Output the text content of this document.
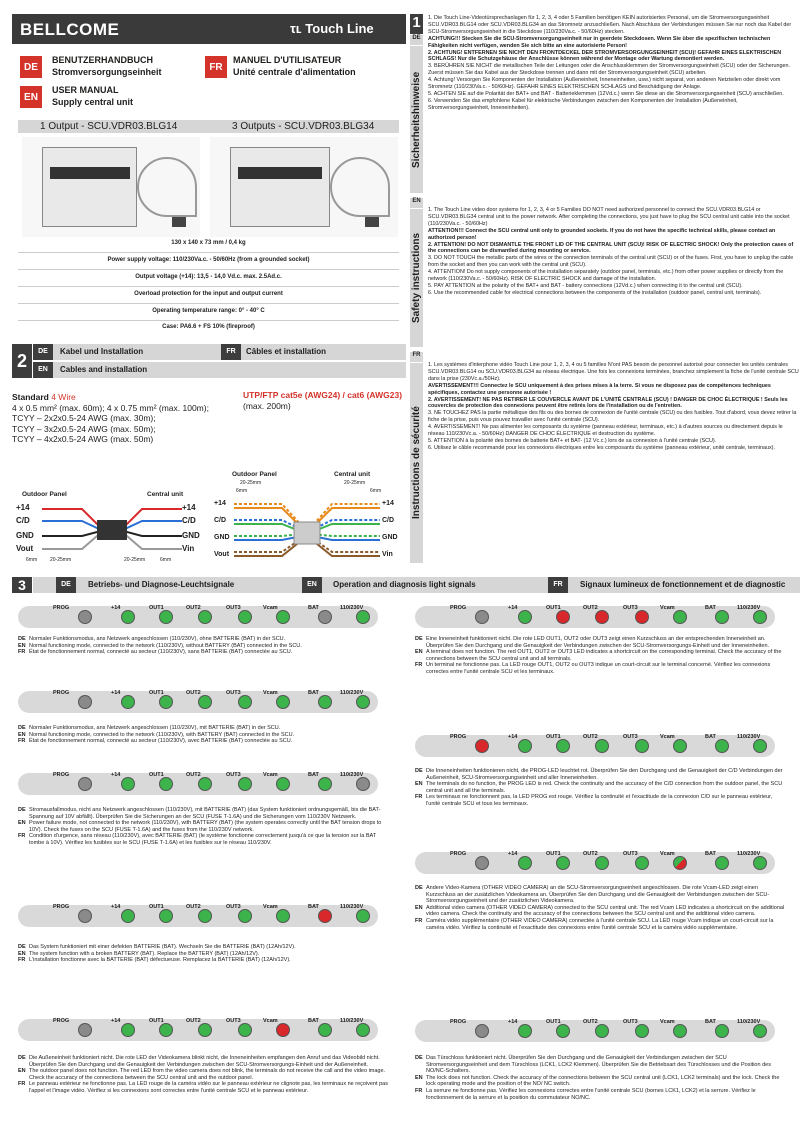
BELLCOME	τʟ Touch Line
DE
BENUTZERHANDBUCH
Stromversorgungseinheit
EN
USER MANUAL
Supply central unit
FR
MANUEL D'UTILISATEUR
Unité centrale d'alimentation
1 Output - SCU.VDR03.BLG14	3 Outputs - SCU.VDR03.BLG34
130 x 140 x 73 mm / 0,4 kg
Power supply voltage: 110/230Va.c. - 50/60Hz (from a grounded socket)
Output voltage (+14): 13,5 - 14,0 Vd.c. max. 2.5Ad.c.
Overload protection for the input and output current
Operating temperature range: 0° - 40° C
Case: PA6.6 + FS 10% (fireproof)
1
DE
Sicherheitshinweise
1. Die Touch Line-Videotürsprechanlagen für 1, 2, 3, 4 oder 5 Familien benötigen KEIN autorisiertes Personal, um die Stromversorgungseinheit SCU.VDR03.BLG14 oder SCU.VDR03.BLG34 an das Stromnetz anzuschließen. Nach Abschluss der Verbindungen müssen Sie nur noch das Kabel der SCU-Stromversorgungseinheit in die Steckdose (110/230Va.c. - 50/60Hz) stecken.
ACHTUNG!!! Stecken Sie die SCU-Stromversorgungseinheit nur in geerdete Steckdosen. Wenn Sie über die spezifischen technischen Fähigkeiten nicht verfügen, wenden Sie sich bitte an eine autorisierte Person!
2. ACHTUNG! ENTFERNEN SIE NICHT DEN FRONTDECKEL DER STROMVERSORGUNGSEINHEIT (SCU)! GEFAHR EINES ELEKTRISCHEN SCHLAGS! Nur die Schutzgehäuse der Anschlüsse können während der Montage oder Wartung demontiert werden.
3. BERÜHREN SIE NICHT die metallischen Teile der Leitungen oder die Anschlussklemmen der Stromversorgungseinheit (SCU) oder der Sicherungen. Zuerst müssen Sie das Kabel aus der Steckdose trennen und dann mit der Stromversorgungseinheit (SCU) arbeiten.
4. Achtung! Versorgen Sie Komponenten der Installation (Außeneinheit, Inneneinheiten, usw.) nicht separat, von anderen Netzteilen oder direkt vom Stromnetz (110/230Va.c. - 50/60Hz). GEFAHR EINES ELEKTRISCHEN SCHLAGS und Beschädigung der Anlage.
5. ACHTEN SIE auf die Polarität der BAT+ und BAT - Batterieklemmen (12Vd.c.) wenn Sie diese an die Stromversorgungseinheit (SCU) anschließen.
6. Verwenden Sie das empfohlene Kabel für elektrische Verbindungen zwischen den Komponenten der Installation (Außeneinheit, Stromversorgungseinheit, Inneneinheiten).
EN
Safety instructions
1. The Touch Line video door systems for 1, 2, 3, 4 or 5 Families DO NOT need authorized personnel to connect the SCU.VDR03.BLG14 or SCU.VDR03.BLG34 central unit to the power network. After completing the connections, you just have to plug the SCU central unit cable into the socket (110/230Va.c. - 50/60Hz)
ATTENTION!!! Connect the SCU central unit only to grounded sockets. If you do not have the specific technical skills, please contact an authorized person!
2. ATTENTION! DO NOT DISMANTLE THE FRONT LID OF THE CENTRAL UNIT (SCU)! RISK OF ELECTRIC SHOCK! Only the protection cases of the connections can be dismantled during mounting or service.
3. DO NOT TOUCH the metallic parts of the wires or the connection terminals of the central unit (SCU) or of the fuses. First, you have to unplug the cable from the socket and then you can work with the central unit (SCU).
4. ATTENTION! Do not supply components of the installation separately (outdoor panel, terminals, etc.) from other power supplies or directly from the network (110/230Va.c. - 50/60Hz). RISK OF ELECTRIC SHOCK and damage of the installation.
5. PAY ATTENTION at the polarity of the BAT+ and BAT - battery connections (12Vd.c.) when connecting it to the central unit (SCU).
6. Use the recommended cable for electrical connections between the components of the installation (outdoor panel, central unit, terminals).
FR
Instructions de sécurité
1. Les systèmes d'interphone vidéo Touch Line pour 1, 2, 3, 4 ou 5 familles N'ont PAS besoin de personnel autorisé pour connecter les unités centrales SCU.VDR03.BLG14 ou SCU.VDR03.BLG34 au réseau électrique. Une fois les connexions terminées, branchez simplement la fiche de l'unité centrale SCU dans la prise (230Vc.a./50Hz).
AVERTISSEMENT!!! Connectez le SCU uniquement à des prises mises à la terre. Si vous ne disposez pas de compétences techniques spécifiques, contactez une personne autorisée !
2. AVERTISSEMENT! NE PAS RETIRER LE COUVERCLE AVANT DE L'UNITÉ CENTRALE (SCU) ! DANGER DE CHOC ÉLECTRIQUE ! Seuls les couvercles de protection des connexions peuvent être retirés lors de l'installation ou de l'entretien.
3. NE TOUCHEZ PAS la partie métallique des fils ou des bornes de connexion de l'unité centrale (SCU) ou des fusibles. Tout d'abord, vous devez retirer la fiche de la prise, puis vous pouvez travailler avec l'unité centrale (SCU).
4. AVERTISSEMENT! Ne pas alimenter les composants du système (panneau extérieur, terminaux, etc.) à d'autres sources ou directement depuis le réseau 110/230Vc.a. - 50/60Hz) DANGER DE CHOC ÉLECTRIQUE et destruction du système.
5. ATTENTION à la polarité des bornes de batterie BAT+ et BAT- (12 Vc.c.) lors de sa connexion à l'unité centrale (SCU).
6. Utilisez le câble recommandé pour les connexions électriques entre les composants du système (panneau extérieur, unité centrale, terminaux).
2	DE	Kabel und Installation	FR	Câbles et installation
EN	Cables and installation
Standard 4 Wire
4 x 0.5 mm² (max. 60m); 4 x 0.75 mm² (max. 100m);
TCYY – 2x2x0.5-24 AWG (max. 30m);
TCYY – 3x2x0.5-24 AWG (max. 50m);
TCYY – 4x2x0.5-24 AWG (max. 50m)
UTP/FTP cat5e (AWG24) / cat6 (AWG23)
(max. 200m)
Outdoor Panel	Central unit
+14
C/D
GND
Vout
+14
C/D
GND
Vin
6mm	20-25mm	20-25mm	6mm
Outdoor Panel	Central unit
20-25mm	20-25mm
6mm	6mm
+14
C/D
GND
Vout
+14
C/D
GND
Vin
3	DE	Betriebs- und Diagnose-Leuchtsignale	EN	Operation and diagnosis light signals	FR	Signaux lumineux de fonctionnement et de diagnostic
PROG	+14	OUT1	OUT2	OUT3	Vcam	BAT	110/230V
DE Normaler Funktionsmodus, ans Netzwerk angeschlossen (110/230V), ohne BATTERIE (BAT) in der SCU.
EN Normal functioning mode, connected to the network (110/230V), without BATTERY (BAT) connected in the SCU.
FR État de fonctionnement normal, connecté au secteur (110/230V), sans BATTERIE (BAT) connectée au SCU.
PROG	+14	OUT1	OUT2	OUT3	Vcam	BAT	110/230V
DE Normaler Funktionsmodus, ans Netzwerk angeschlossen (110/230V), mit BATTERIE (BAT) in der SCU.
EN Normal functioning mode, connected to the network (110/230V), with BATTERY (BAT) connected in the SCU.
FR État de fonctionnement normal, connecté au secteur (110/230V), avec BATTERIE (BAT) connectée au SCU.
PROG	+14	OUT1	OUT2	OUT3	Vcam	BAT	110/230V
DE Stromausfallmodus, nicht ans Netzwerk angeschlossen (110/230V), mit BATTERIE (BAT) (das System funktioniert ordnungsgemäß, bis die BAT-Spannung auf 10V abfällt). Überprüfen Sie die Sicherungen an der SCU (FUSE T-1.6A) und die Sicherungen vom 110/230V Netzwerk.
EN Power failure mode, not connected to the network (110/230V), with BATTERY (BAT) (the system operates correctly until the BAT tension drops to 10V). Check the fuses on the SCU (FUSE T-1.6A) and the fuses from the 110/230V network.
FR Condition d'urgence, sans réseau (110/230V), avec BATTERIE (BAT) (le système fonctionne correctement jusqu'à ce que la tension sur la BAT tombe à 10V). Vérifiez les fusibles sur le SCU (FUSE T-1.6A) et les fusibles sur le réseau 110/230V.
PROG	+14	OUT1	OUT2	OUT3	Vcam	BAT	110/230V
DE Das System funktioniert mit einer defekten BATTERIE (BAT). Wechseln Sie die BATTERIE (BAT) (12Ah/12V).
EN The system function with a broken BATTERY (BAT). Replace the BATTERY (BAT) (12Ah/12V).
FR L'installation fonctionne avec la BATTERIE (BAT) défectueuse. Remplacez la BATTERIE (BAT) (12Ah/12V).
PROG	+14	OUT1	OUT2	OUT3	Vcam	BAT	110/230V
DE Die Außeneinheit funktioniert nicht. Die rote LED der Videokamera blinkt nicht, die Inneneinheiten empfangen den Anruf und das Videobild nicht. Überprüfen Sie den Durchgang und die Genauigkeit der Verbindungen zwischen der SCU-Stromversorgungs-Einheit und der Außeneinheit.
EN The outdoor panel does not function. The red LED from the video camera does not blink, the terminals do not receive the call and the video image. Check the accuracy of the connections between the SCU central unit and the outdoor panel.
FR Le panneau extérieur ne fonctionne pas. La LED rouge de la caméra vidéo sur le panneau extérieur ne clignote pas, les terminaux ne reçoivent pas l'appel et l'image vidéo. Vérifiez si les connexions sont correctes entre l'unité centrale SCU et le panneau extérieur.
PROG	+14	OUT1	OUT2	OUT3	Vcam	BAT	110/230V
DE Eine Inneneinheit funktioniert nicht. Die rote LED OUT1, OUT2 oder OUT3 zeigt einen Kurzschluss an der entsprechenden Inneneinheit an. Überprüfen Sie den Durchgang und die Genauigkeit der Verbindungen zwischen der SCU-Stromversorgungs-Einheit und der Inneneinheiten.
EN A terminal does not function. The red OUT1, OUT2 or OUT3 LED indicates a shortcircuit on the corresponding terminal. Check the accuracy of the connections between the SCU central unit and all terminals.
FR Un terminal ne fonctionne pas. La LED rouge OUT1, OUT2 ou OUT3 indique un court-circuit sur le terminal concerné. Vérifiez les connexions correctes entre l'unité centrale SCU et les terminaux.
PROG	+14	OUT1	OUT2	OUT3	Vcam	BAT	110/230V
DE Die Inneneinheiten funktionieren nicht, die PROG-LED leuchtet rot. Überprüfen Sie den Durchgang und die Genauigkeit der C/D Verbindungen der Außeneinheit, SCU-Stromversorgungseinheit und aller Inneneinheiten.
EN The terminals do no function, the PROG LED is red. Check the continuity and the accuracy of the C/D connection from the outdoor panel, the SCU central unit and all the terminals.
FR Les terminaux ne fonctionnent pas, la LED PROG est rouge. Vérifiez la continuité et l'exactitude de la connexion C/D sur le panneau extérieur, l'unité centrale SCU et tous les terminaux.
PROG	+14	OUT1	OUT2	OUT3	Vcam	BAT	110/230V
DE Andere Video-Kamera (OTHER VIDEO CAMERA) an die SCU-Stromversorgungseinheit angeschlossen. Die rote Vcam-LED zeigt einen Kurzschluss an der zusätzlichen Videokamera an. Überprüfen Sie den Durchgang und die Genauigkeit der Verbindungen zwischen der SCU-Stromversorgungseinheit und der zusätzlichen Videokamera.
EN Additional video camera (OTHER VIDEO CAMERA) connected to the SCU central unit. The red Vcam LED indicates a shortcircuit on the additional video camera. Check the continuity and the accuracy of the connections between the SCU central unit and the additional video camera.
FR Caméra vidéo supplémentaire (OTHER VIDEO CAMERA) connectée à l'unité centrale SCU. La LED rouge Vcam indique un court-circuit sur la caméra vidéo. Vérifiez la continuité et l'exactitude des connexions entre l'unité centrale SCU et la caméra vidéo supplémentaire.
PROG	+14	OUT1	OUT2	OUT3	Vcam	BAT	110/230V
DE Das Türschloss funktioniert nicht. Überprüfen Sie den Durchgang und die Genauigkeit der Verbindungen zwischen der SCU Stromversorgungseinheit und dem Türschloss (LCK1, LCK2 Klemmen). Überprüfen Sie die Betriebsart des Türschlosses und die Position des NO/NC-Schalters.
EN The lock does not function. Check the accuracy of the connections between the SCU central unit (LCK1, LCK2 terminals) and the lock. Check the lock operating mode and the position of the NO/ NC switch.
FR La serrure ne fonctionne pas. Vérifiez les connexions correctes entre l'unité centrale SCU (bornes LCK1, LCK2) et la serrure. Vérifiez le fonctionnement de la serrure et la position du commutateur NO/NC.
